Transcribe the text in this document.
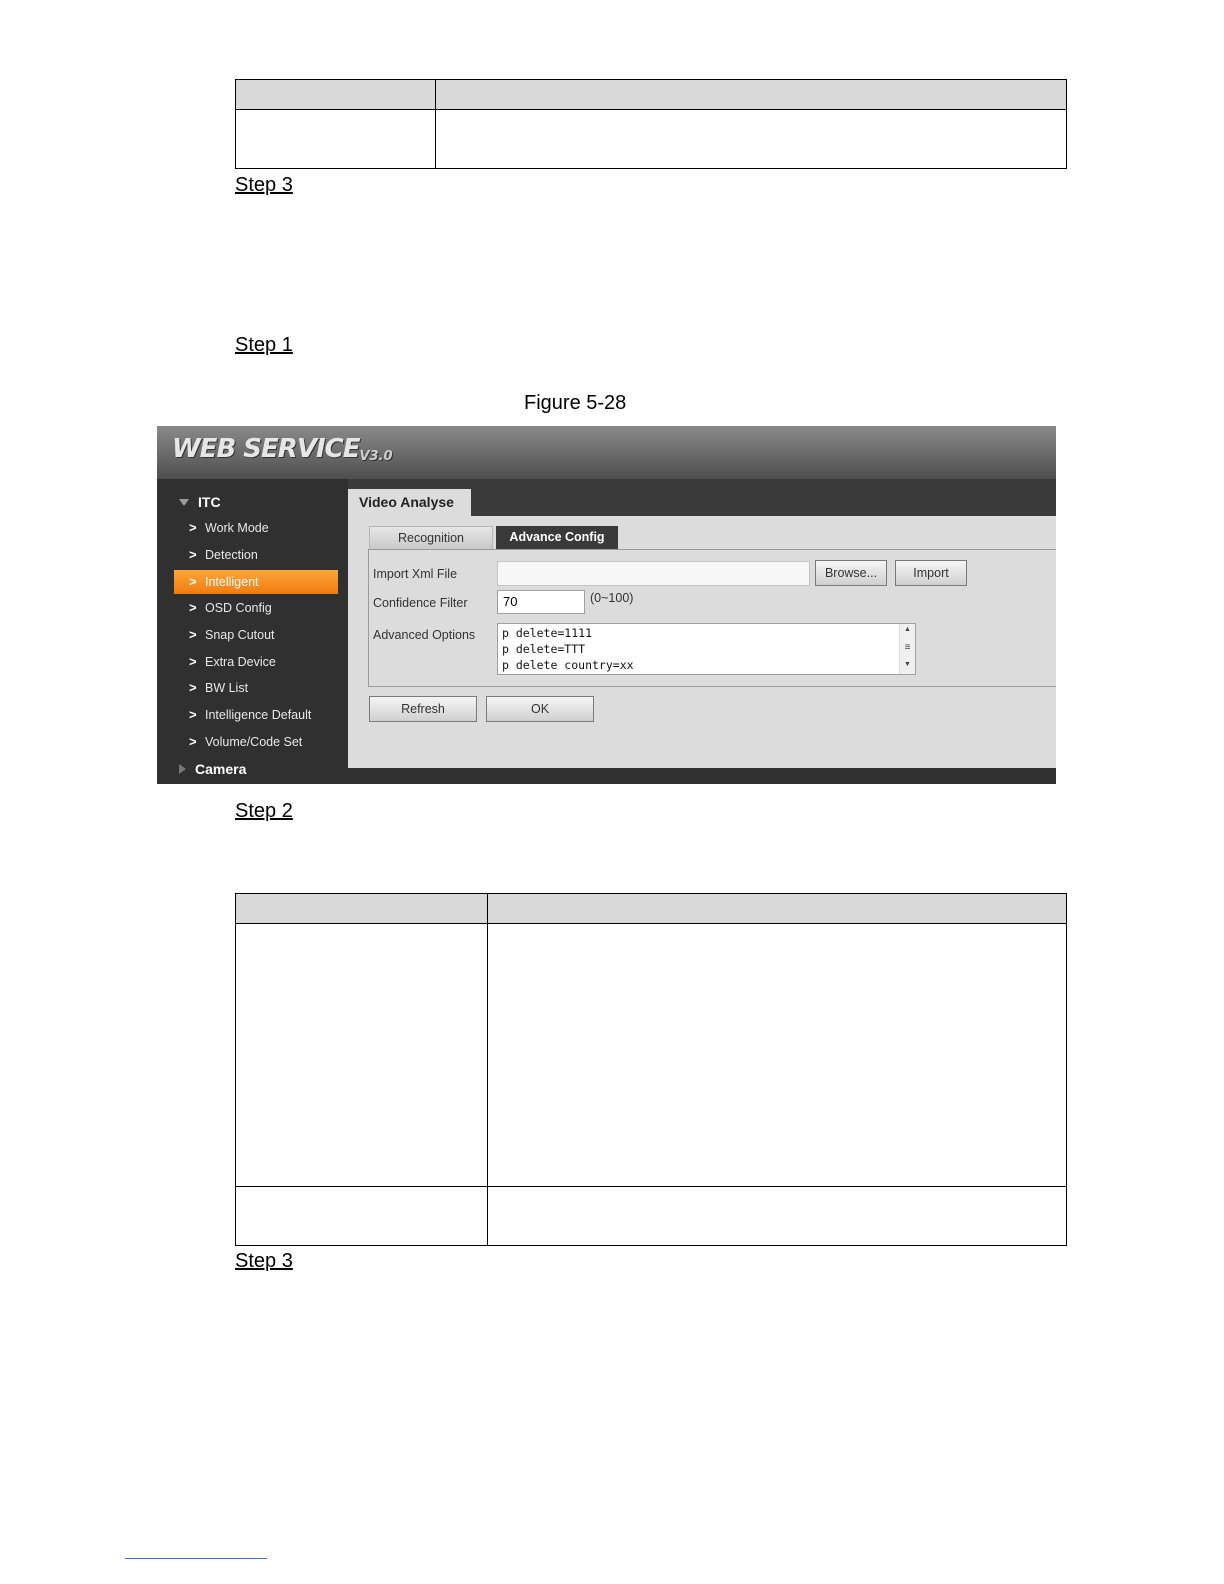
Step 3
Step 1
Figure 5-28
WEB SERVICEV3.0
ITC
> Work Mode
> Detection
> Intelligent
> OSD Config
> Snap Cutout
> Extra Device
> BW List
> Intelligence Default
> Volume/Code Set
Camera
Video Analyse
Recognition	Advance Config
Import Xml File	Browse...	Import
Confidence Filter	70	(0~100)
Advanced Options	p delete=1111
p delete=TTT
p delete country=xx
▲
≡
▼
Refresh	OK
Step 2

Step 3
